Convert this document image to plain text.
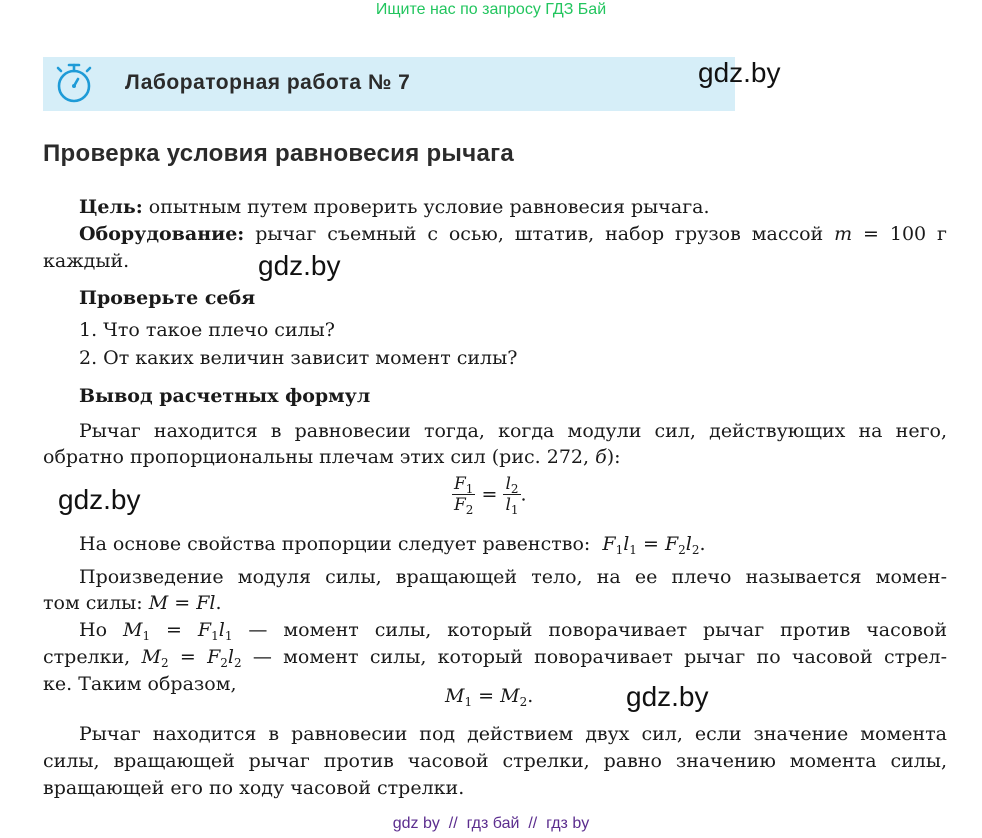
Ищите нас по запросу ГДЗ Бай
Лабораторная работа № 7	gdz.by
Проверка условия равновесия рычага
Цель: опытным путем проверить условие равновесия рычага.
Оборудование: рычаг съемный с осью, штатив, набор грузов массой m = 100 г
каждый.	gdz.by
Проверьте себя
1. Что такое плечо силы?
2. От каких величин зависит момент силы?
Вывод расчетных формул
Рычаг находится в равновесии тогда, когда модули сил, действующих на него,
обратно пропорциональны плечам этих сил (рис. 272, б):
gdz.by	$\frac{F_1}{F_2} = \frac{l_2}{l_1}$ .
На основе свойства пропорции следует равенство: $F_1l_1 = F_2l_2$.
Произведение модуля силы, вращающей тело, на ее плечо называется момен-
том силы: M = Fl.
Но $M_1 = F_1l_1$ — момент силы, который поворачивает рычаг против часовой
стрелки, $M_2 = F_2l_2$ — момент силы, который поворачивает рычаг по часовой стрел-
ке. Таким образом,
$M_1 = M_2$.	gdz.by
Рычаг находится в равновесии под действием двух сил, если значение момента
силы, вращающей рычаг против часовой стрелки, равно значению момента силы,
вращающей его по ходу часовой стрелки.
gdz by  //  гдз бай  //  гдз by
